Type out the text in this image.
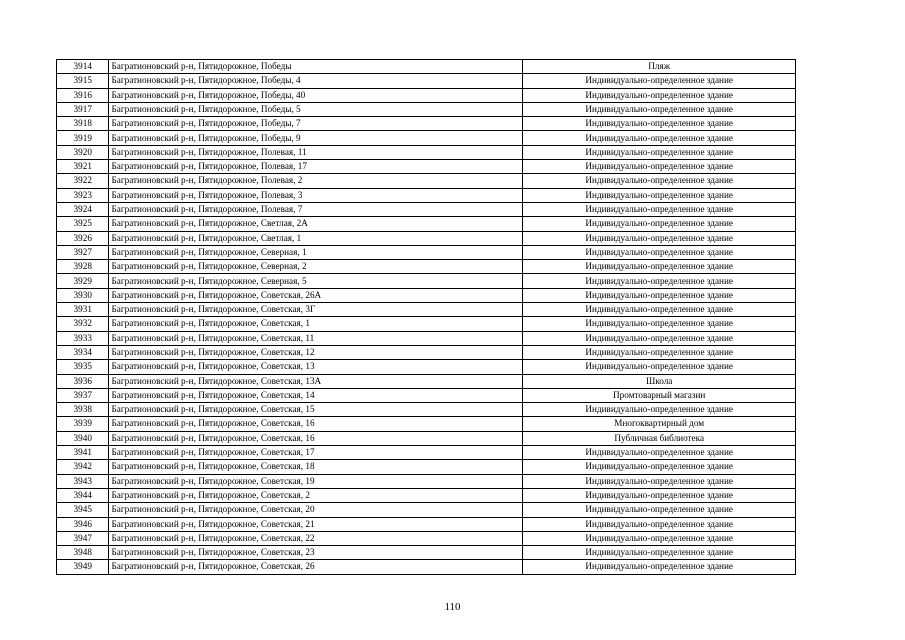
3914	Багратионовский р-н, Пятидорожное, Победы	Пляж
3915	Багратионовский р-н, Пятидорожное, Победы, 4	Индивидуально-определенное здание
3916	Багратионовский р-н, Пятидорожное, Победы, 40	Индивидуально-определенное здание
3917	Багратионовский р-н, Пятидорожное, Победы, 5	Индивидуально-определенное здание
3918	Багратионовский р-н, Пятидорожное, Победы, 7	Индивидуально-определенное здание
3919	Багратионовский р-н, Пятидорожное, Победы, 9	Индивидуально-определенное здание
3920	Багратионовский р-н, Пятидорожное, Полевая, 11	Индивидуально-определенное здание
3921	Багратионовский р-н, Пятидорожное, Полевая, 17	Индивидуально-определенное здание
3922	Багратионовский р-н, Пятидорожное, Полевая, 2	Индивидуально-определенное здание
3923	Багратионовский р-н, Пятидорожное, Полевая, 3	Индивидуально-определенное здание
3924	Багратионовский р-н, Пятидорожное, Полевая, 7	Индивидуально-определенное здание
3925	Багратионовский р-н, Пятидорожное, Светлая, 2А	Индивидуально-определенное здание
3926	Багратионовский р-н, Пятидорожное, Светлая, 1	Индивидуально-определенное здание
3927	Багратионовский р-н, Пятидорожное, Северная, 1	Индивидуально-определенное здание
3928	Багратионовский р-н, Пятидорожное, Северная, 2	Индивидуально-определенное здание
3929	Багратионовский р-н, Пятидорожное, Северная, 5	Индивидуально-определенное здание
3930	Багратионовский р-н, Пятидорожное, Советская, 26А	Индивидуально-определенное здание
3931	Багратионовский р-н, Пятидорожное, Советская, 3Г	Индивидуально-определенное здание
3932	Багратионовский р-н, Пятидорожное, Советская, 1	Индивидуально-определенное здание
3933	Багратионовский р-н, Пятидорожное, Советская, 11	Индивидуально-определенное здание
3934	Багратионовский р-н, Пятидорожное, Советская, 12	Индивидуально-определенное здание
3935	Багратионовский р-н, Пятидорожное, Советская, 13	Индивидуально-определенное здание
3936	Багратионовский р-н, Пятидорожное, Советская, 13А	Школа
3937	Багратионовский р-н, Пятидорожное, Советская, 14	Промтоварный магазин
3938	Багратионовский р-н, Пятидорожное, Советская, 15	Индивидуально-определенное здание
3939	Багратионовский р-н, Пятидорожное, Советская, 16	Многоквартирный дом
3940	Багратионовский р-н, Пятидорожное, Советская, 16	Публичная библиотека
3941	Багратионовский р-н, Пятидорожное, Советская, 17	Индивидуально-определенное здание
3942	Багратионовский р-н, Пятидорожное, Советская, 18	Индивидуально-определенное здание
3943	Багратионовский р-н, Пятидорожное, Советская, 19	Индивидуально-определенное здание
3944	Багратионовский р-н, Пятидорожное, Советская, 2	Индивидуально-определенное здание
3945	Багратионовский р-н, Пятидорожное, Советская, 20	Индивидуально-определенное здание
3946	Багратионовский р-н, Пятидорожное, Советская, 21	Индивидуально-определенное здание
3947	Багратионовский р-н, Пятидорожное, Советская, 22	Индивидуально-определенное здание
3948	Багратионовский р-н, Пятидорожное, Советская, 23	Индивидуально-определенное здание
3949	Багратионовский р-н, Пятидорожное, Советская, 26	Индивидуально-определенное здание
110
